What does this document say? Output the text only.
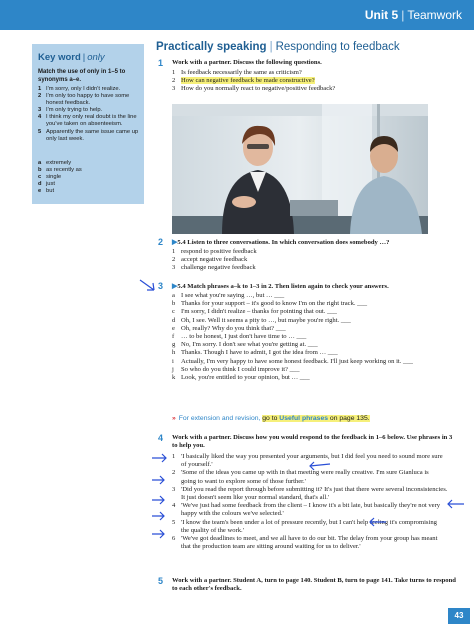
Unit 5 | Teamwork
Key word | only
Match the use of only in 1–5 to synonyms a–e.
1 I'm sorry, only I didn't realize.
2 I'm only too happy to have some honest feedback.
3 I'm only trying to help.
4 I think my only real doubt is the line you've taken on absenteeism.
5 Apparently the same issue came up only last week.
a extremely
b as recently as
c single
d just
e but
Practically speaking | Responding to feedback
1 Work with a partner. Discuss the following questions.
1 Is feedback necessarily the same as criticism?
2 How can negative feedback be made constructive?
3 How do you normally react to negative/positive feedback?
2 ▶5.4 Listen to three conversations. In which conversation does somebody …?
1 respond to positive feedback
2 accept negative feedback
3 challenge negative feedback
3 ▶5.4 Match phrases a–k to 1–3 in 2. Then listen again to check your answers.
a I see what you're saying …, but … ___
b Thanks for your support – it's good to know I'm on the right track. ___
c I'm sorry, I didn't realize – thanks for pointing that out. ___
d Oh, I see. Well it seems a pity to …, but maybe you're right. ___
e Oh, really? Why do you think that? ___
f … to be honest, I just don't have time to … ___
g No, I'm sorry. I don't see what you're getting at. ___
h Thanks. Though I have to admit, I got the idea from … ___
i Actually, I'm very happy to have some honest feedback. I'll just keep working on it. ___
j So who do you think I could improve it? ___
k Look, you're entitled to your opinion, but … ___
» For extension and revision, go to Useful phrases on page 135.
4 Work with a partner. Discuss how you would respond to the feedback in 1–6 below. Use phrases in 3 to help you.
1 'I basically liked the way you presented your arguments, but I did feel you need to sound more sure of yourself.'
2 'Some of the ideas you came up with in that meeting were really creative. I'm sure Gianluca is going to want to explore some of those further.'
3 'Did you read the report through before submitting it? It's just that there were several inconsistencies. It just doesn't seem like your normal standard, that's all.'
4 'We've just had some feedback from the client – I know it's a bit late, but basically they're not very happy with the colours we've selected.'
5 'I know the team's been under a lot of pressure recently, but I can't help feeling it's compromising the quality of the work.'
6 'We've got deadlines to meet, and we all have to do our bit. The delay from your group has meant that the production team are sitting around waiting for us to deliver.'
5 Work with a partner. Student A, turn to page 140. Student B, turn to page 141. Take turns to respond to each other's feedback.
43
